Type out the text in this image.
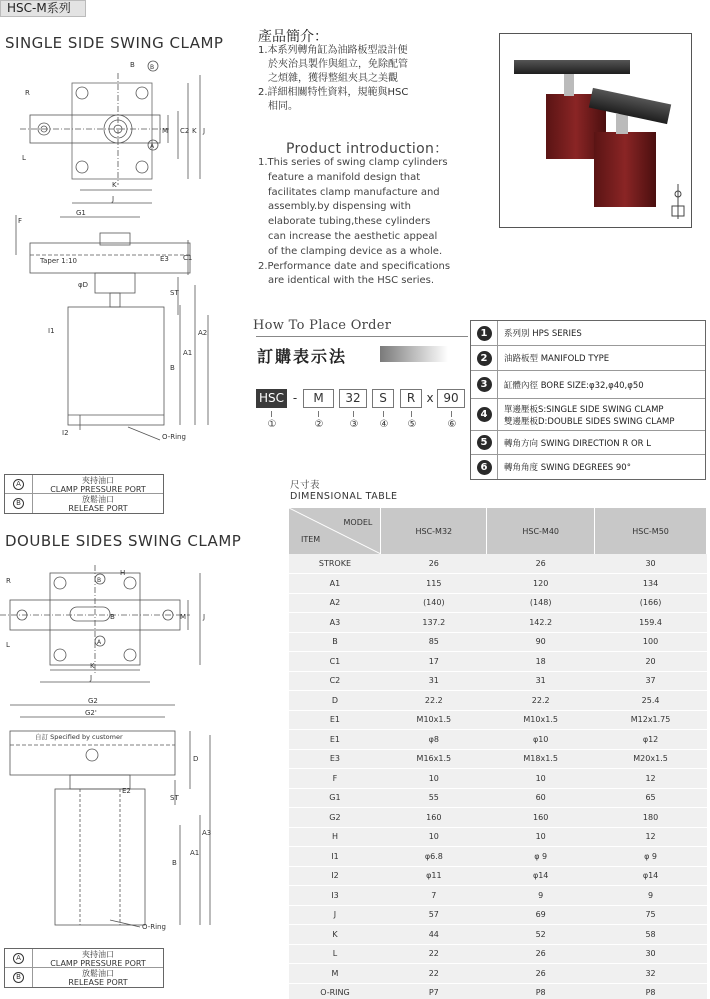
HSC-M系列
SINGLE SIDE SWING CLAMP
B
A
R
L
B
K
J
C2 K J
M
G1
F
Taper 1:10	E3 C1
φD
ST
A1
A2
B
I1
I2	O-Ring
A	夾持油口
CLAMP PRESSURE PORT
B	放鬆油口
RELEASE PORT
DOUBLE SIDES SWING CLAMP
B
A
R
L
K
J
J
M
H
B
G2
G2'
自訂 Specified by customer
D
E2
ST
B
A1
A3
O-Ring
A	夾持油口
CLAMP PRESSURE PORT
B	放鬆油口
RELEASE PORT
產品簡介：
1.本系列轉角缸為油路板型設計便
　於夾治具製作與組立，免除配管
　之煩雜，獲得整組夾具之美觀
2.詳細相關特性資料，規範與HSC
　相同。
Product introduction：
1.This series of swing clamp cylinders
feature a manifold design that
facilitates clamp manufacture and
assembly.by dispensing with
elaborate tubing,these cylinders
can increase the aesthetic appeal
of the clamping device as a whole.
2.Performance date and specifications
are identical with the HSC series.
How To Place Order
訂購表示法
HSC -	M	32	S	R x 90
①	②	③ ④ ⑤	⑥
1	系列別 HPS SERIES
2	油路板型 MANIFOLD TYPE
3	缸體內徑 BORE SIZE:φ32,φ40,φ50
4	單邊壓板S:SINGLE SIDE SWING CLAMP
雙邊壓板D:DOUBLE SIDES SWING CLAMP
5	轉角方向 SWING DIRECTION R OR L
6	轉角角度 SWING DEGREES 90°
尺寸表
DIMENSIONAL TABLE
MODEL
ITEM	HSC-M32	HSC-M40	HSC-M50
STROKE	26	26	30
A1	115	120	134
A2	(140)	(148)	(166)
A3	137.2	142.2	159.4
B	85	90	100
C1	17	18	20
C2	31	31	37
D	22.2	22.2	25.4
E1	M10x1.5	M10x1.5	M12x1.75
E1	φ8	φ10	φ12
E3	M16x1.5	M18x1.5	M20x1.5
F	10	10	12
G1	55	60	65
G2	160	160	180
H	10	10	12
I1	φ6.8	φ 9	φ 9
I2	φ11	φ14	φ14
I3	7	9	9
J	57	69	75
K	44	52	58
L	22	26	30
M	22	26	32
O-RING	P7	P8	P8
